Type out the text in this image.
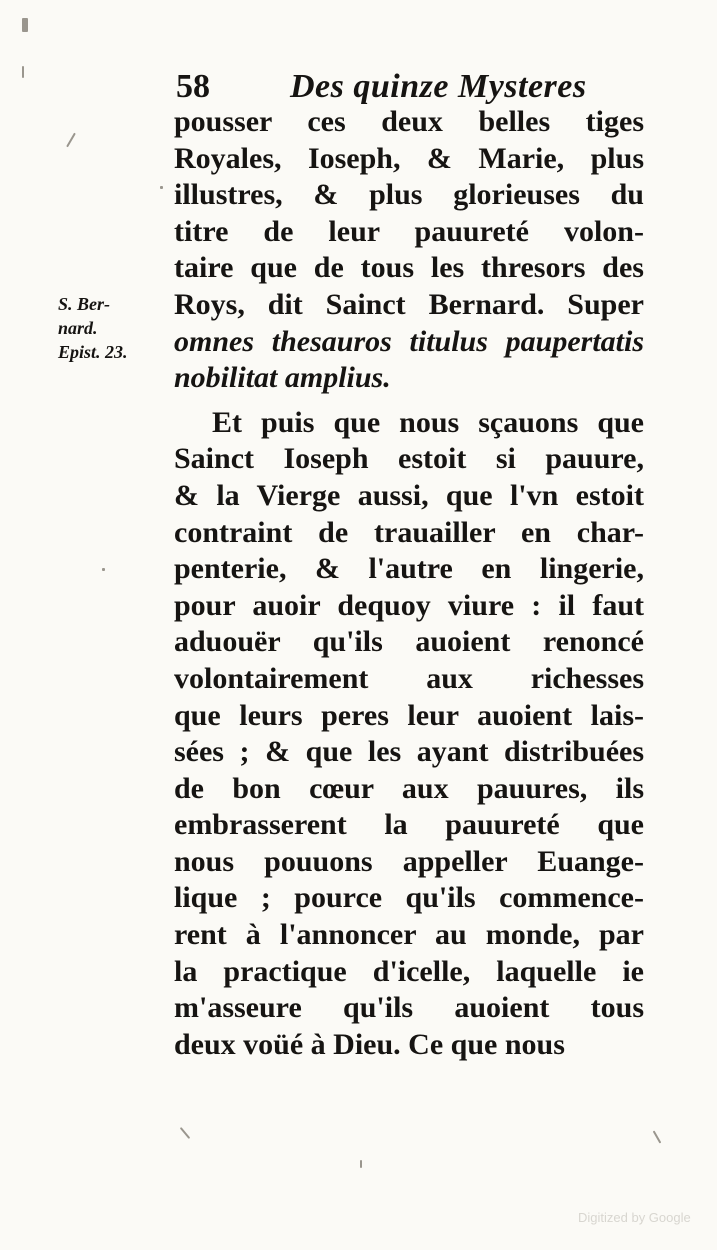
58 Des quinze Mysteres
S. Ber-
nard.
Epist. 23.
pousser ces deux belles tiges
Royales, Ioseph, & Marie, plus
illustres, & plus glorieuses du
titre de leur pauureté volon-
taire que de tous les thresors des
Roys, dit Sainct Bernard. Super
omnes thesauros titulus paupertatis
nobilitat amplius.
Et puis que nous sçauons que
Sainct Ioseph estoit si pauure,
& la Vierge aussi, que l'vn estoit
contraint de trauailler en char-
penterie, & l'autre en lingerie,
pour auoir dequoy viure : il faut
aduouër qu'ils auoient renoncé
volontairement aux richesses
que leurs peres leur auoient lais-
sées ; & que les ayant distribuées
de bon cœur aux pauures, ils
embrasserent la pauureté que
nous pouuons appeller Euange-
lique ; pource qu'ils commence-
rent à l'annoncer au monde, par
la practique d'icelle, laquelle ie
m'asseure qu'ils auoient tous
deux voüé à Dieu. Ce que nous
Digitized by Google
